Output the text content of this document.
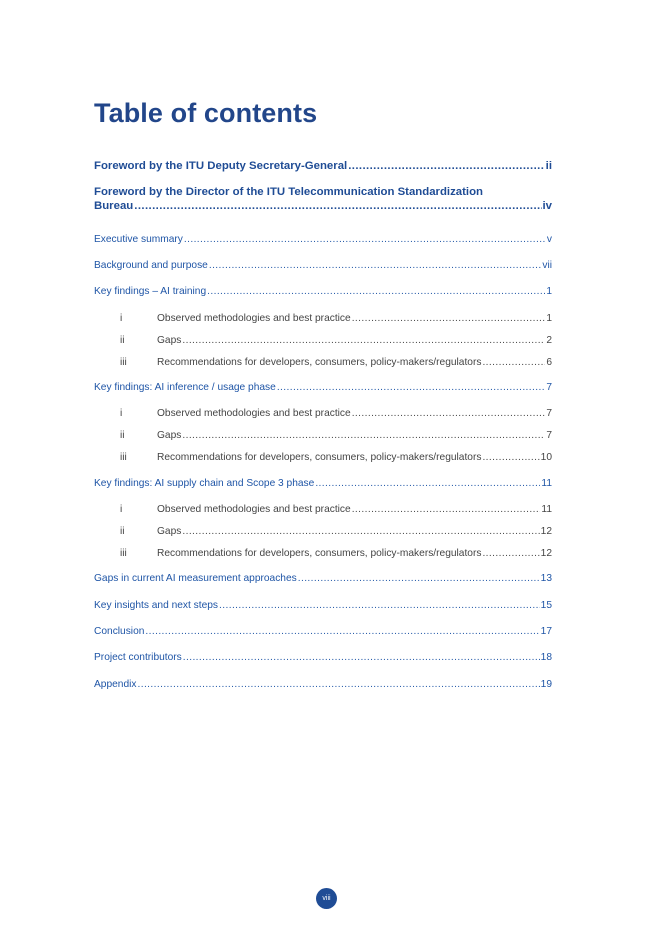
Table of contents
Foreword by the ITU Deputy Secretary-General .....	ii
Foreword by the Director of the ITU Telecommunication Standardization
Bureau .....	iv
Executive summary .....	v
Background and purpose .....	vii
Key findings – AI training .....	1
i	Observed methodologies and best practice .....	1
ii	Gaps .....	2
iii	Recommendations for developers, consumers, policy-makers/regulators .....	6
Key findings: AI inference / usage phase .....	7
i	Observed methodologies and best practice .....	7
ii	Gaps .....	7
iii	Recommendations for developers, consumers, policy-makers/regulators .....	10
Key findings: AI supply chain and Scope 3 phase .....	11
i	Observed methodologies and best practice .....	11
ii	Gaps .....	12
iii	Recommendations for developers, consumers, policy-makers/regulators .....	12
Gaps in current AI measurement approaches .....	13
Key insights and next steps .....	15
Conclusion .....	17
Project contributors .....	18
Appendix .....	19
viii
